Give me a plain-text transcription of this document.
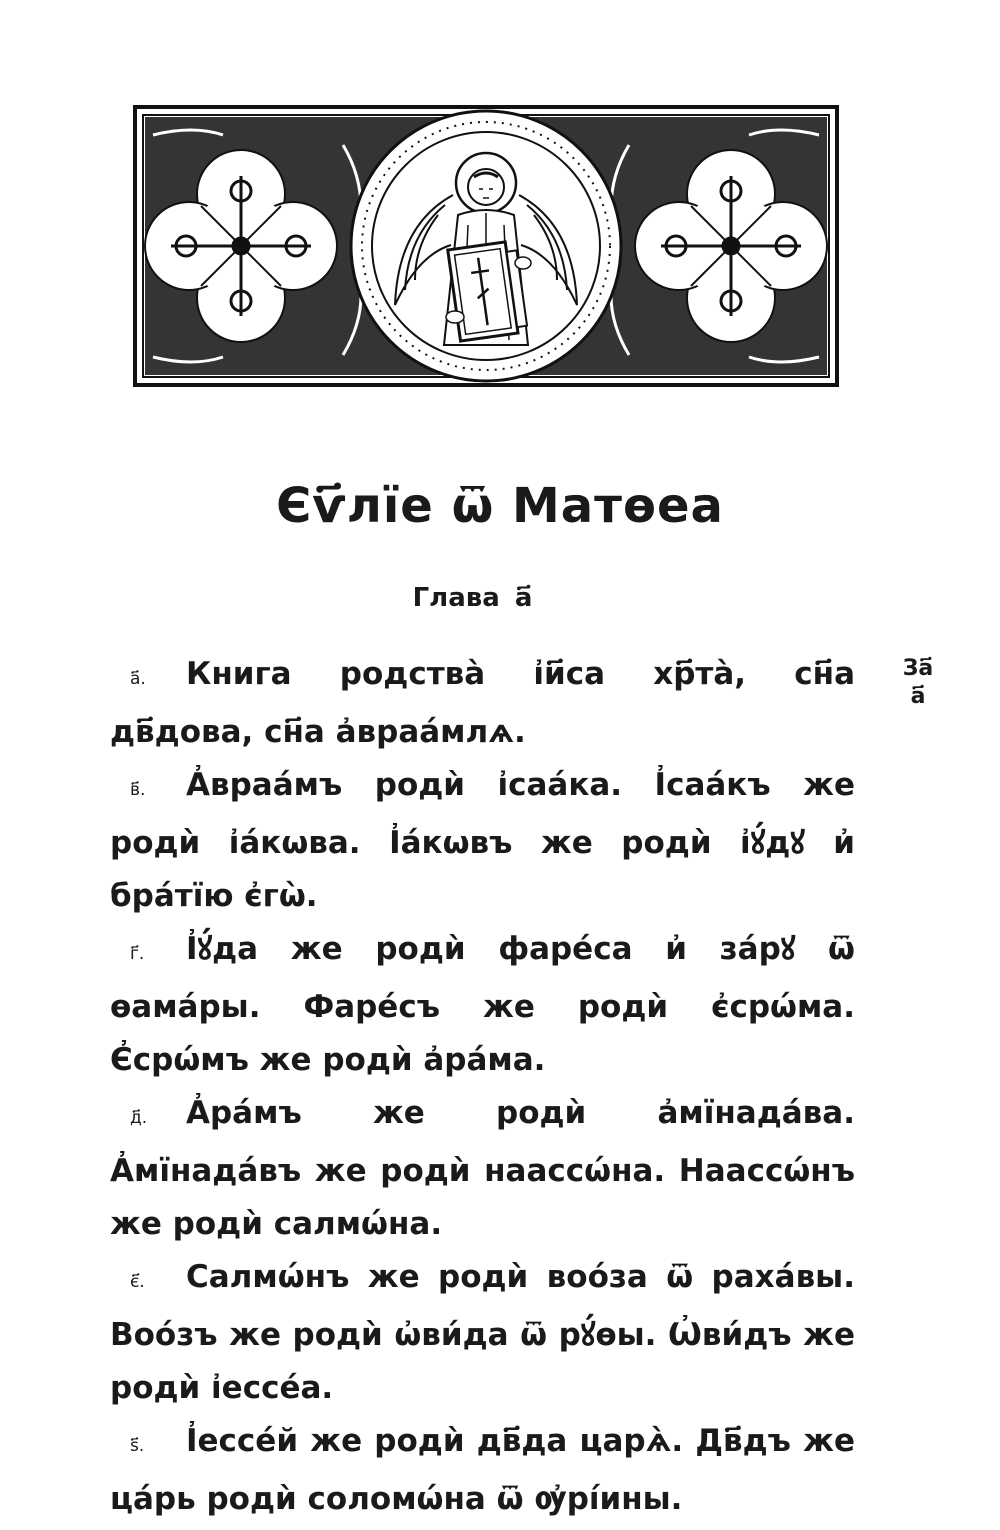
Єѵ҃лїе ѿ Матѳеа
Глава а҃
За҃
а҃

а҃. Книга родства̀ і҆и҃са хр҃та̀, сн҃а дв҃дова, сн҃а а҆враа́млѧ.

в҃. А҆враа́мъ родѝ і҆саа́ка. І҆саа́къ же родѝ і҆а́кѡва. І҆а́кѡвъ же родѝ і҆ꙋ́дꙋ и҆ бра́тїю є҆гѡ̀.

г҃. І҆ꙋ́да же родѝ фаре́са и҆ за́рꙋ ѿ ѳама́ры. Фаре́съ же родѝ є҆срѡ́ма. Є҆срѡ́мъ же родѝ а҆ра́ма.

д҃. А҆ра́мъ же родѝ а҆мїнада́ва. А҆мїнада́въ же родѝ наассѡ́на. Наассѡ́нъ же родѝ салмѡ́на.

є҃. Салмѡ́нъ же родѝ воо́за ѿ раха́вы. Воо́зъ же родѝ ѡ҆ви́да ѿ рꙋ́ѳы. Ѡ҆ви́дъ же родѝ і҆ессе́а.

ѕ҃. І҆ессе́й же родѝ дв҃да царѧ̀. Дв҃дъ же ца́рь родѝ соломѡ́на ѿ ѹ҆рі́ины.
